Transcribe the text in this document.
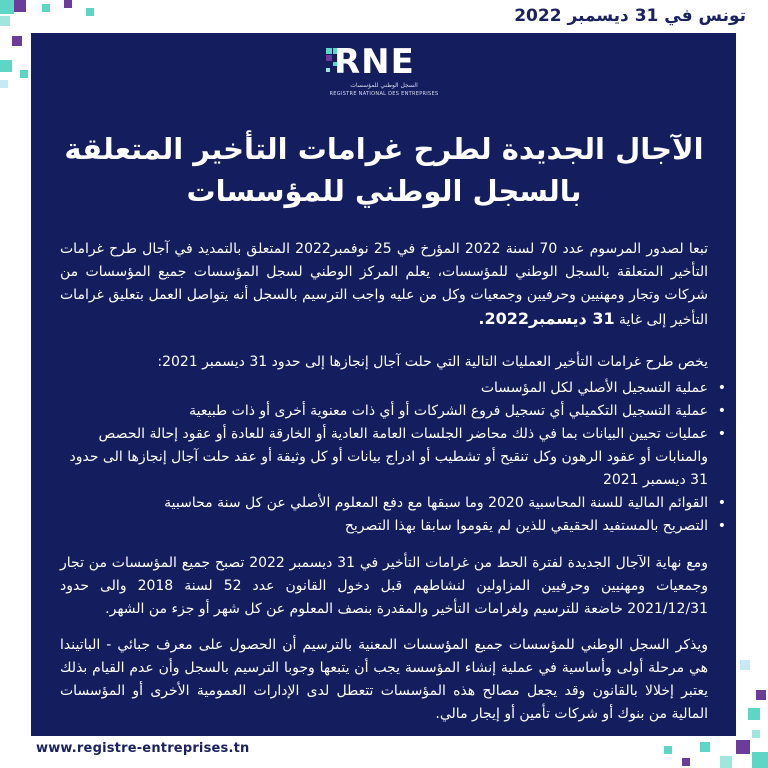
تونس في 31 ديسمبر 2022
RNE
السجل الوطني للمؤسسات
REGISTRE NATIONAL DES ENTREPRISES
الآجال الجديدة لطرح غرامات التأخير المتعلقة
بالسجل الوطني للمؤسسات
تبعا لصدور المرسوم عدد 70 لسنة 2022 المؤرخ في 25 نوفمبر2022 المتعلق بالتمديد في آجال طرح غرامات التأخير المتعلقة بالسجل الوطني للمؤسسات، يعلم المركز الوطني لسجل المؤسسات جميع المؤسسات من شركات وتجار ومهنيين وحرفيين وجمعيات وكل من عليه واجب الترسيم بالسجل أنه يتواصل العمل بتعليق غرامات التأخير إلى غاية 31 ديسمبر2022.
يخص طرح غرامات التأخير العمليات التالية التي حلت آجال إنجازها إلى حدود 31 ديسمبر 2021:
• عملية التسجيل الأصلي لكل المؤسسات
• عملية التسجيل التكميلي أي تسجيل فروع الشركات أو أي ذات معنوية أخرى أو ذات طبيعية
• عمليات تحيين البيانات بما في ذلك محاضر الجلسات العامة العادية أو الخارقة للعادة أو عقود إحالة الحصص والمنابات أو عقود الرهون وكل تنقيح أو تشطيب أو ادراج بيانات أو كل وثيقة أو عقد حلت آجال إنجازها الى حدود 31 ديسمبر 2021
• القوائم المالية للسنة المحاسبية 2020 وما سبقها مع دفع المعلوم الأصلي عن كل سنة محاسبية
• التصريح بالمستفيد الحقيقي للذين لم يقوموا سابقا بهذا التصريح
ومع نهاية الآجال الجديدة لفترة الحط من غرامات التأخير في 31 ديسمبر 2022 تصبح جميع المؤسسات من تجار وجمعيات ومهنيين وحرفيين المزاولين لنشاطهم قبل دخول القانون عدد 52 لسنة 2018 والى حدود 2021/12/31 خاضعة للترسيم ولغرامات التأخير والمقدرة بنصف المعلوم عن كل شهر أو جزء من الشهر.
ويذكر السجل الوطني للمؤسسات جميع المؤسسات المعنية بالترسيم أن الحصول على معرف جبائي - الباتيندا هي مرحلة أولى وأساسية في عملية إنشاء المؤسسة يجب أن يتبعها وجوبا الترسيم بالسجل وأن عدم القيام بذلك يعتبر إخلالا بالقانون وقد يجعل مصالح هذه المؤسسات تتعطل لدى الإدارات العمومية الأخرى أو المؤسسات المالية من بنوك أو شركات تأمين أو إيجار مالي.
www.registre-entreprises.tn
